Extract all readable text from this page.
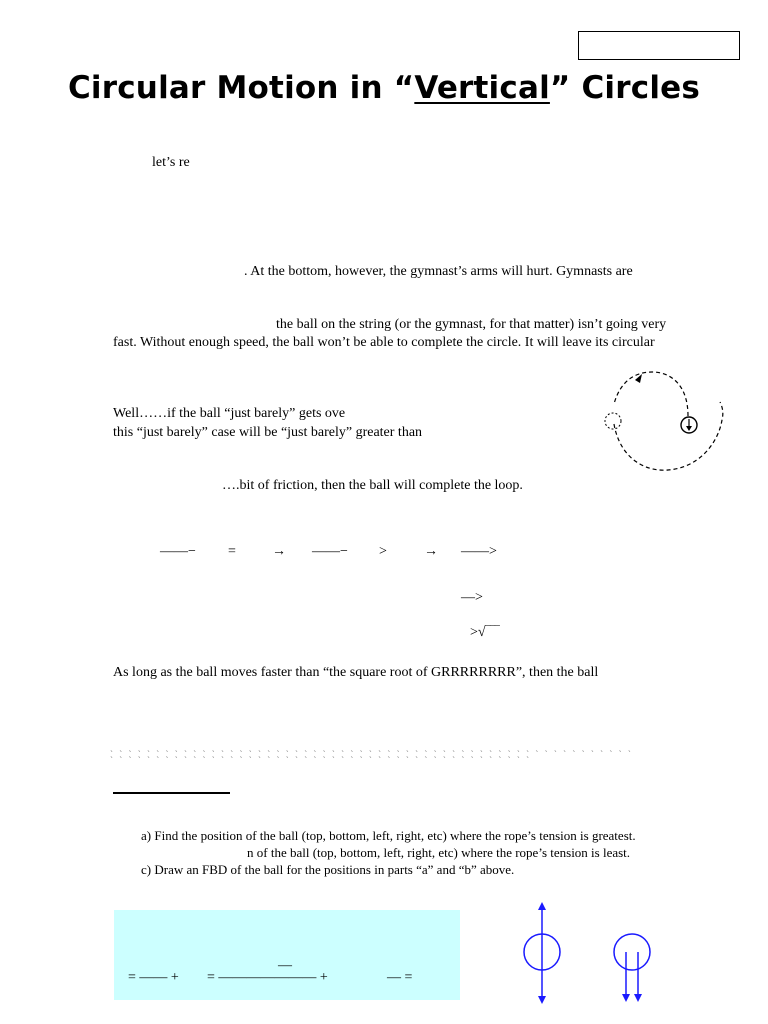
Circular Motion in “Vertical” Circles
let’s re
. At the bottom, however, the gymnast’s arms will hurt. Gymnasts are
the ball on the string (or the gymnast, for that matter) isn’t going very
fast. Without enough speed, the ball won’t be able to complete the circle. It will leave its circular
Well……if the ball “just barely” gets ove
this “just barely” case will be “just barely” greater than
….bit of friction, then the ball will complete the loop.
——− =	→ ——− >	→ ——>
—>
>√‾‾‾
As long as the ball moves faster than “the square root of GRRRRRRRR”, then the ball
` ` ` ` ` ` ` ` ` ` ` ` ` ` ` ` ` ` ` ` ` ` ` ` ` ` ` ` ` ` ` ` ` ` ` ` ` ` ` ` ` ` ` ` ` ` ` ` ` ` ` ` ` ` ` ` ` ` ` ` ` ` ` ` ` ` ` ` ` ` ` ` ` ` ` ` ` ` ` ` ` ` ` ` ` ` ` ` ` ` ` ` ` ` ` ` ` ` ` ` ` ` `
a) Find the position of the ball (top, bottom, left, right, etc) where the rope’s tension is greatest.
n of the ball (top, bottom, left, right, etc) where the rope’s tension is least.
c) Draw an FBD of the ball for the positions in parts “a” and “b” above.
= —— +
—
= ——————— +	— =
